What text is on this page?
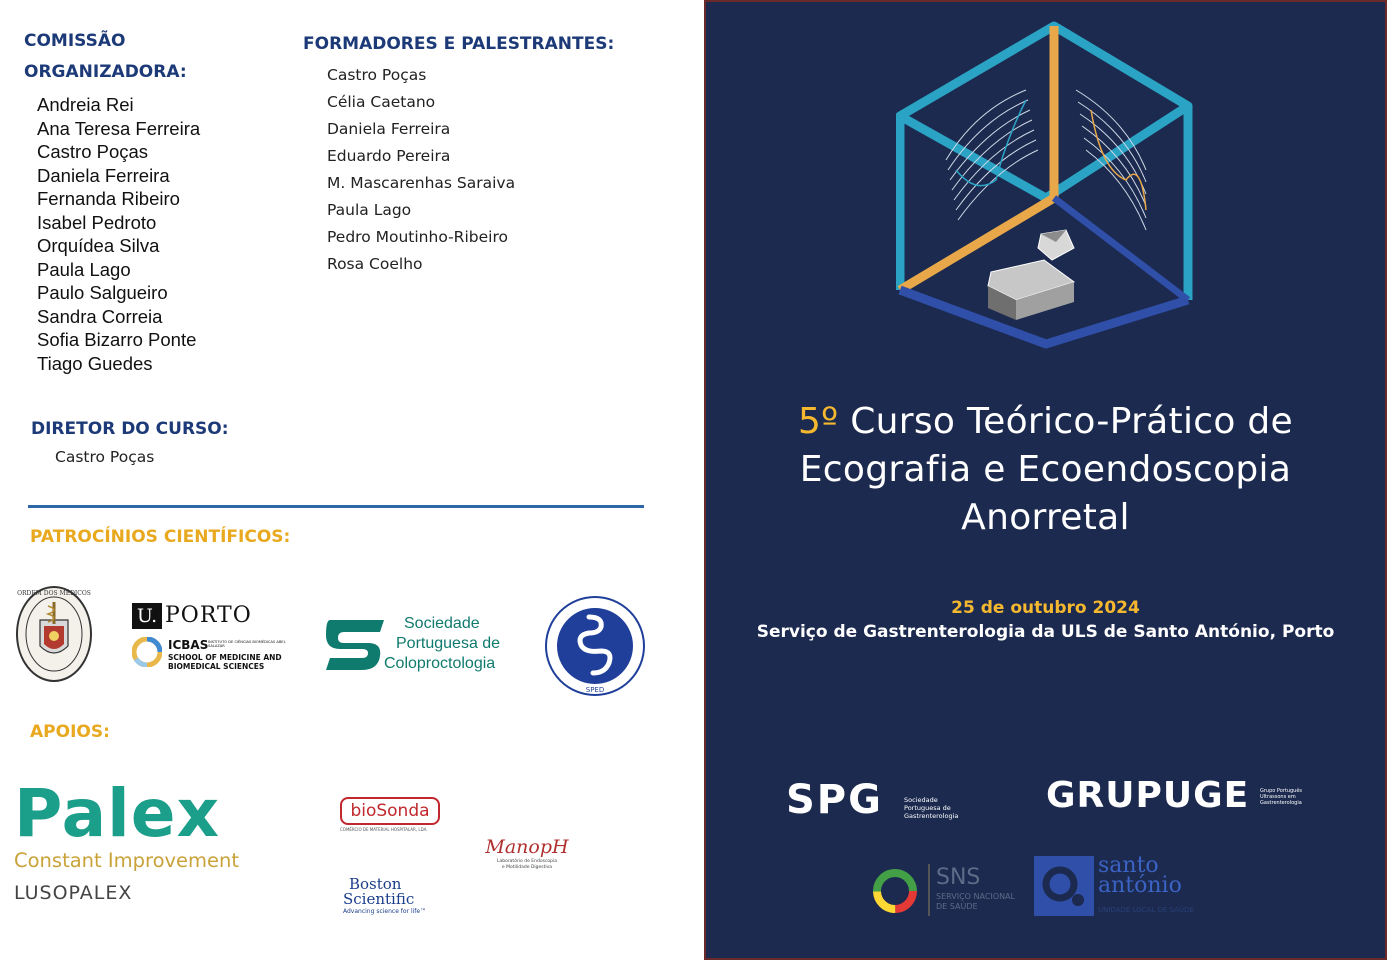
COMISSÃO
ORGANIZADORA:
Andreia Rei
Ana Teresa Ferreira
Castro Poças
Daniela Ferreira
Fernanda Ribeiro
Isabel Pedroto
Orquídea Silva
Paula Lago
Paulo Salgueiro
Sandra Correia
Sofia Bizarro Ponte
Tiago Guedes
FORMADORES E PALESTRANTES:
Castro Poças
Célia Caetano
Daniela Ferreira
Eduardo Pereira
M. Mascarenhas Saraiva
Paula Lago
Pedro Moutinho-Ribeiro
Rosa Coelho
DIRETOR DO CURSO:
Castro Poças
PATROCÍNIOS CIENTÍFICOS:
ORDEM DOS MÉDICOS
U. PORTO
ICBAS INSTITUTO DE CIÊNCIAS BIOMÉDICAS ABEL SALAZAR
SCHOOL OF MEDICINE AND
BIOMEDICAL SCIENCES
Sociedade
Portuguesa de
Coloproctologia
SPED
APOIOS:
Palex
Constant Improvement
LUSOPALEX
bioSonda
COMÉRCIO DE MATERIAL HOSPITALAR, LDA.
ManopH
Laboratório de Endoscopia
e Motilidade Digestiva
Boston
Scientific
Advancing science for life™
5º Curso Teórico-Prático de
Ecografia e Ecoendoscopia
Anorretal
25 de outubro 2024
Serviço de Gastrenterologia da ULS de Santo António, Porto
SPG	Sociedade
Portuguesa de
Gastrenterologia GRUPUGE Grupo Português
Ultrassons em
Gastrenterologia
SNS
SERVIÇO NACIONAL
DE SAÚDE
santo
antónio
UNIDADE LOCAL DE SAÚDE
